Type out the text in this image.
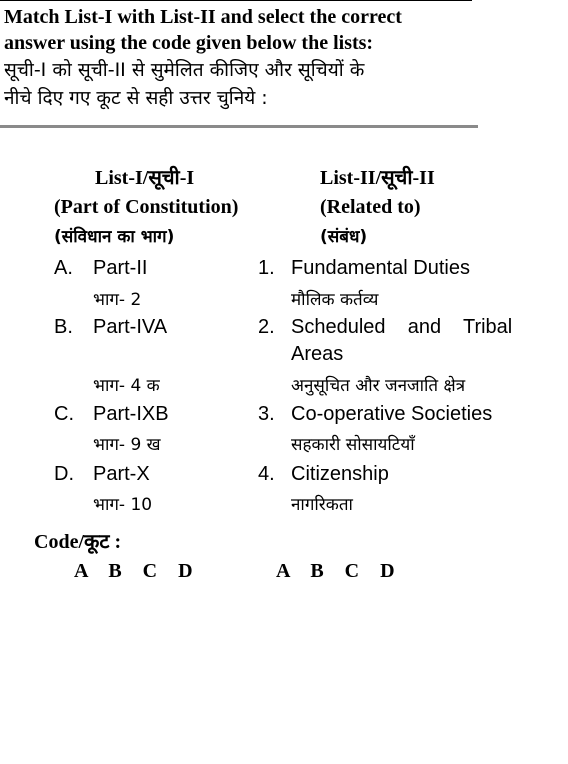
Match List-I with List-II and select the correct
answer using the code given below the lists:
सूची-I को सूची-II से सुमेलित कीजिए और सूचियों के
नीचे दिए गए कूट से सही उत्तर चुनिये :
List-I/सूची-I
(Part of Constitution)
(संविधान का भाग)
List-II/सूची-II
(Related to)
(संबंध)
A. Part-II
भाग- 2
B. Part-IVA
भाग- 4 क
C. Part-IXB
भाग- 9 ख
D. Part-X
भाग- 10
1. Fundamental Duties
मौलिक कर्तव्य
2. Scheduled    and    Tribal
Areas
अनुसूचित और जनजाति क्षेत्र
3. Co-operative Societies
सहकारी सोसायटियाँ
4. Citizenship
नागरिकता
Code/कूट :
A B C D	A B C D
